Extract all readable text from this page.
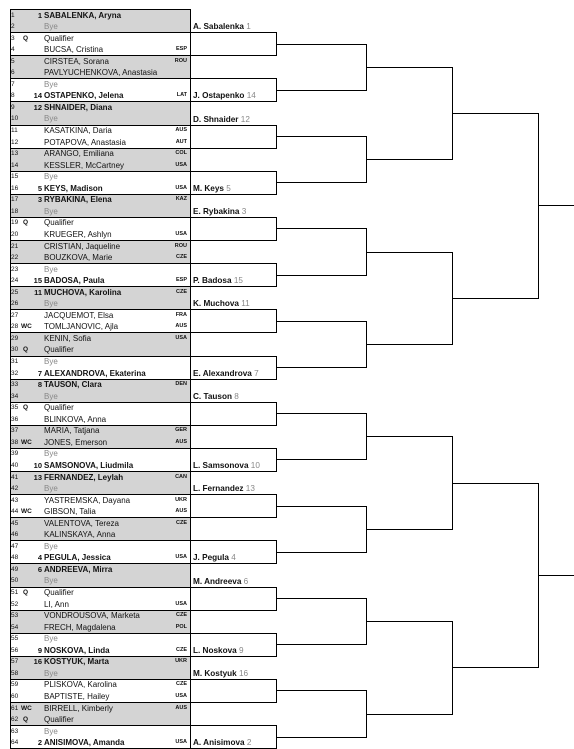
1	1 SABALENKA, Aryna
2	Bye
3	Q	Qualifier
4	BUCSA, Cristina	ESP
5	CIRSTEA, Sorana	ROU
6	PAVLYUCHENKOVA, Anastasia
7	Bye
8	14 OSTAPENKO, Jelena	LAT
9	12 SHNAIDER, Diana
10	Bye
11	KASATKINA, Daria	AUS
12	POTAPOVA, Anastasia	AUT
13	ARANGO, Emiliana	COL
14	KESSLER, McCartney	USA
15	Bye
16	5 KEYS, Madison	USA
17	3 RYBAKINA, Elena	KAZ
18	Bye
19 Q	Qualifier
20	KRUEGER, Ashlyn	USA
21	CRISTIAN, Jaqueline	ROU
22	BOUZKOVA, Marie	CZE
23	Bye
24	15 BADOSA, Paula	ESP
25	11 MUCHOVA, Karolina	CZE
26	Bye
27	JACQUEMOT, Elsa	FRA
28 WC	TOMLJANOVIC, Ajla	AUS
29	KENIN, Sofia	USA
30 Q	Qualifier
31	Bye
32	7 ALEXANDROVA, Ekaterina
33	8 TAUSON, Clara	DEN
34	Bye
35 Q	Qualifier
36	BLINKOVA, Anna
37	MARIA, Tatjana	GER
38 WC	JONES, Emerson	AUS
39	Bye
40	10 SAMSONOVA, Liudmila
41	13 FERNANDEZ, Leylah	CAN
42	Bye
43	YASTREMSKA, Dayana	UKR
44 WC	GIBSON, Talia	AUS
45	VALENTOVA, Tereza	CZE
46	KALINSKAYA, Anna
47	Bye
48	4 PEGULA, Jessica	USA
49	6 ANDREEVA, Mirra
50	Bye
51 Q	Qualifier
52	LI, Ann	USA
53	VONDROUSOVA, Marketa	CZE
54	FRECH, Magdalena	POL
55	Bye
56	9 NOSKOVA, Linda	CZE
57	16 KOSTYUK, Marta	UKR
58	Bye
59	PLISKOVA, Karolina	CZE
60	BAPTISTE, Hailey	USA
61 WC	BIRRELL, Kimberly	AUS
62 Q	Qualifier
63	Bye
64	2 ANISIMOVA, Amanda	USA
A. Sabalenka 1
J. Ostapenko 14
D. Shnaider 12
M. Keys 5
E. Rybakina 3
P. Badosa 15
K. Muchova 11
E. Alexandrova 7
C. Tauson 8
L. Samsonova 10
L. Fernandez 13
J. Pegula 4
M. Andreeva 6
L. Noskova 9
M. Kostyuk 16
A. Anisimova 2
